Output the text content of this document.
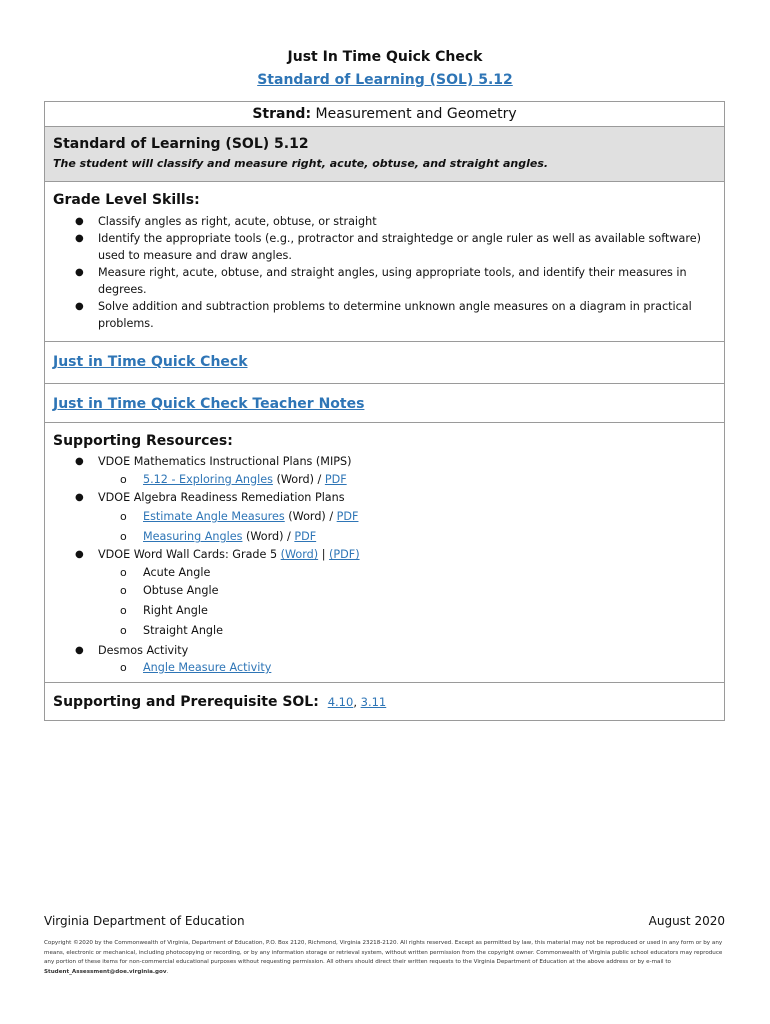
Just In Time Quick Check
Standard of Learning (SOL) 5.12
Strand: Measurement and Geometry
Standard of Learning (SOL) 5.12
The student will classify and measure right, acute, obtuse, and straight angles.
Grade Level Skills:
● Classify angles as right, acute, obtuse, or straight
● Identify the appropriate tools (e.g., protractor and straightedge or angle ruler as well as available software) used to measure and draw angles.
● Measure right, acute, obtuse, and straight angles, using appropriate tools, and identify their measures in degrees.
● Solve addition and subtraction problems to determine unknown angle measures on a diagram in practical problems.
Just in Time Quick Check
Just in Time Quick Check Teacher Notes
Supporting Resources:
● VDOE Mathematics Instructional Plans (MIPS)
o 5.12 - Exploring Angles (Word) / PDF
● VDOE Algebra Readiness Remediation Plans
o Estimate Angle Measures (Word) / PDF
o Measuring Angles (Word) / PDF
● VDOE Word Wall Cards: Grade 5 (Word) | (PDF)
o Acute Angle
o Obtuse Angle
o Right Angle
o Straight Angle
● Desmos Activity
o Angle Measure Activity
Supporting and Prerequisite SOL: 4.10, 3.11
Virginia Department of Education	August 2020
Copyright ©2020 by the Commonwealth of Virginia, Department of Education, P.O. Box 2120, Richmond, Virginia 23218-2120. All rights reserved. Except as permitted by law, this material may not be reproduced or used in any form or by any means, electronic or mechanical, including photocopying or recording, or by any information storage or retrieval system, without written permission from the copyright owner. Commonwealth of Virginia public school educators may reproduce any portion of these items for non-commercial educational purposes without requesting permission. All others should direct their written requests to the Virginia Department of Education at the above address or by e-mail to Student_Assessment@doe.virginia.gov.
